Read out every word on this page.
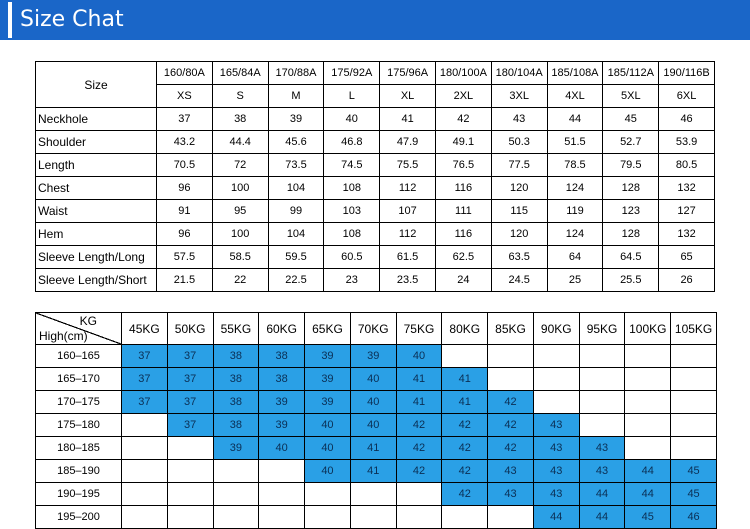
Size Chat
Size	160/80A	165/84A	170/88A	175/92A	175/96A	180/100A	180/104A	185/108A	185/112A	190/116B
	XS	S	M	L	XL	2XL	3XL	4XL	5XL	6XL
Neckhole	37	38	39	40	41	42	43	44	45	46
Shoulder	43.2	44.4	45.6	46.8	47.9	49.1	50.3	51.5	52.7	53.9
Length	70.5	72	73.5	74.5	75.5	76.5	77.5	78.5	79.5	80.5
Chest	96	100	104	108	112	116	120	124	128	132
Waist	91	95	99	103	107	111	115	119	123	127
Hem	96	100	104	108	112	116	120	124	128	132
Sleeve Length/Long	57.5	58.5	59.5	60.5	61.5	62.5	63.5	64	64.5	65
Sleeve Length/Short	21.5	22	22.5	23	23.5	24	24.5	25	25.5	26
KG
High(cm)	45KG	50KG	55KG	60KG	65KG	70KG	75KG	80KG	85KG	90KG	95KG	100KG	105KG
160–165	37	37	38	38	39	39	40						
165–170	37	37	38	38	39	40	41	41					
170–175	37	37	38	39	39	40	41	41	42				
175–180		37	38	39	40	40	42	42	42	43			
180–185			39	40	40	41	42	42	42	43	43		
185–190					40	41	42	42	43	43	43	44	45
190–195								42	43	43	44	44	45
195–200										44	44	45	46
